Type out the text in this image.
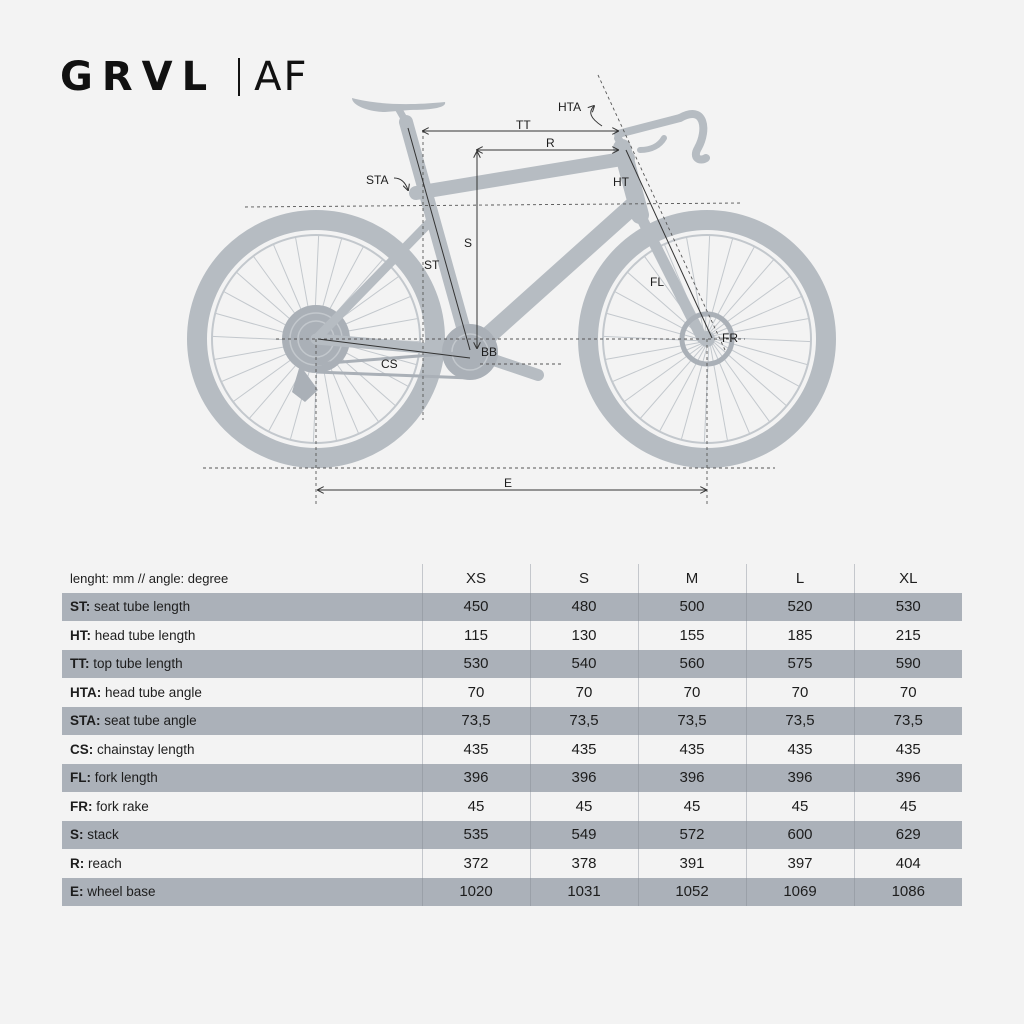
GRVL AF
TT
R
HTA
STA	HT
S
ST
FL
FR
BB
CS
E
lenght: mm // angle: degree	XS	S	M	L	XL
ST: seat tube length	450	480	500	520	530
HT: head tube length	115	130	155	185	215
TT: top tube length	530	540	560	575	590
HTA: head tube angle	70	70	70	70	70
STA: seat tube angle	73,5	73,5	73,5	73,5	73,5
CS: chainstay length	435	435	435	435	435
FL: fork length	396	396	396	396	396
FR: fork rake	45	45	45	45	45
S: stack	535	549	572	600	629
R: reach	372	378	391	397	404
E: wheel base	1020	1031	1052	1069	1086
